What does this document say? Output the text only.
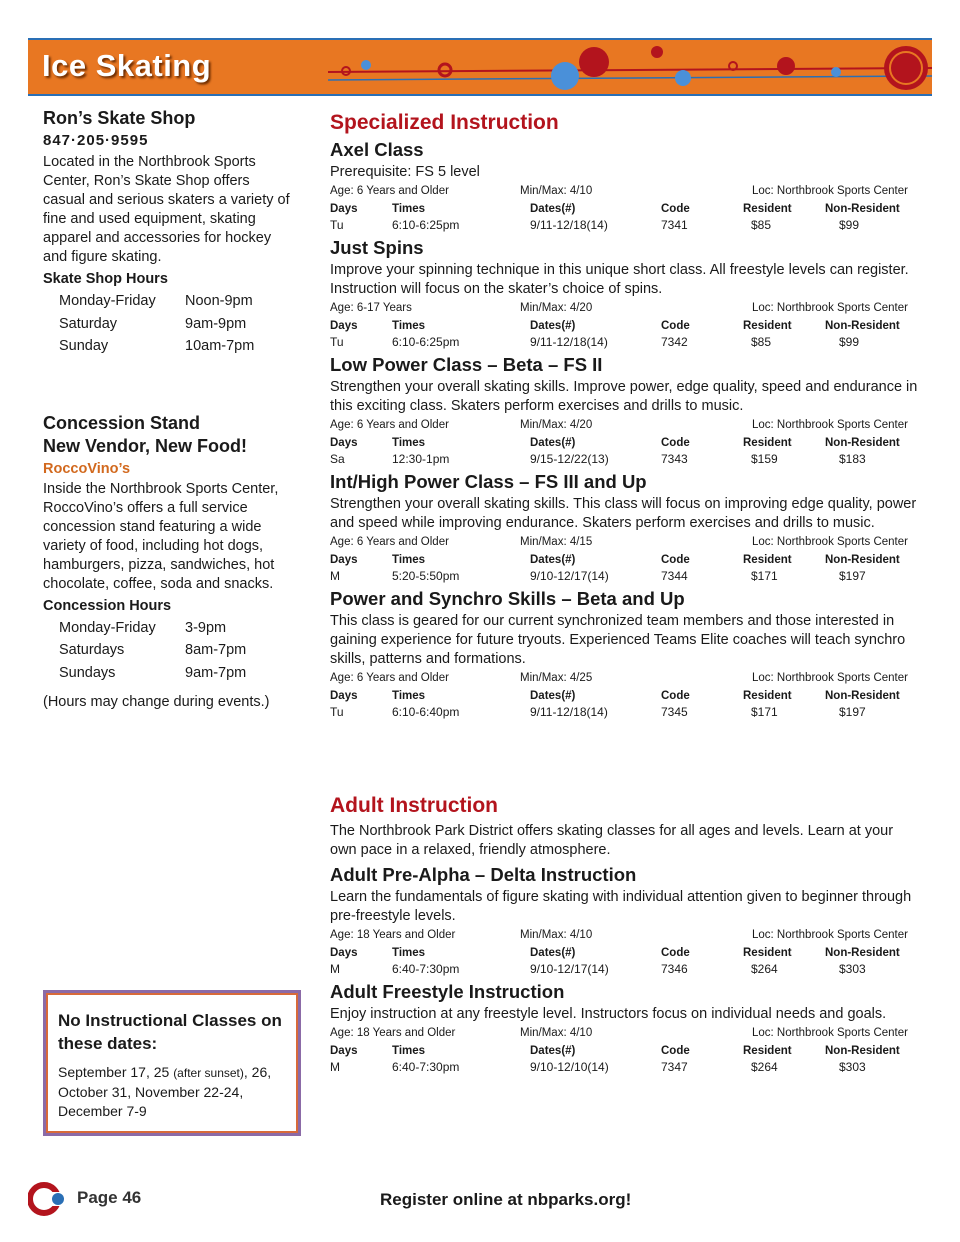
Ice Skating
Ron’s Skate Shop
847·205·9595

Located in the Northbrook Sports Center, Ron’s Skate Shop offers casual and serious skaters a variety of fine and used equipment, skating apparel and accessories for hockey and figure skating.

Skate Shop Hours
Monday-Friday	Noon-9pm
Saturday	9am-9pm
Sunday	10am-7pm
Concession Stand
New Vendor, New Food!
RoccoVino’s

Inside the Northbrook Sports Center, RoccoVino’s offers a full service concession stand featuring a wide variety of food, including hot dogs, hamburgers, pizza, sandwiches, hot chocolate, coffee, soda and snacks.

Concession Hours
Monday-Friday	3-9pm
Saturdays	8am-7pm
Sundays	9am-7pm
(Hours may change during events.)
No Instructional Classes on these dates:

September 17, 25 (after sunset), 26, October 31, November 22-24, December 7-9

Specialized Instruction
Axel Class

Prerequisite: FS 5 level

Age: 6 Years and Older	Min/Max: 4/10	Loc: Northbrook Sports Center
Days	Times	Dates(#)	Code	Resident	Non-Resident
Tu	6:10-6:25pm	9/11-12/18(14)	7341	$85	$99
Just Spins

Improve your spinning technique in this unique short class. All freestyle levels can register. Instruction will focus on the skater’s choice of spins.

Age: 6-17 Years	Min/Max: 4/20	Loc: Northbrook Sports Center
Days	Times	Dates(#)	Code	Resident	Non-Resident
Tu	6:10-6:25pm	9/11-12/18(14)	7342	$85	$99
Low Power Class – Beta – FS II

Strengthen your overall skating skills. Improve power, edge quality, speed and endurance in this exciting class. Skaters perform exercises and drills to music.

Age: 6 Years and Older	Min/Max: 4/20	Loc: Northbrook Sports Center
Days	Times	Dates(#)	Code	Resident	Non-Resident
Sa	12:30-1pm	9/15-12/22(13)	7343	$159	$183
Int/High Power Class – FS III and Up

Strengthen your overall skating skills. This class will focus on improving edge quality, power and speed while improving endurance. Skaters perform exercises and drills to music.

Age: 6 Years and Older	Min/Max: 4/15	Loc: Northbrook Sports Center
Days	Times	Dates(#)	Code	Resident	Non-Resident
M	5:20-5:50pm	9/10-12/17(14)	7344	$171	$197
Power and Synchro Skills – Beta and Up

This class is geared for our current synchronized team members and those interested in gaining experience for future tryouts. Experienced Teams Elite coaches will teach synchro skills, patterns and formations.

Age: 6 Years and Older	Min/Max: 4/25	Loc: Northbrook Sports Center
Days	Times	Dates(#)	Code	Resident	Non-Resident
Tu	6:10-6:40pm	9/11-12/18(14)	7345	$171	$197
Adult Instruction

The Northbrook Park District offers skating classes for all ages and levels. Learn at your own pace in a relaxed, friendly atmosphere.

Adult Pre-Alpha – Delta Instruction

Learn the fundamentals of figure skating with individual attention given to beginner through pre-freestyle levels.

Age: 18 Years and Older	Min/Max: 4/10	Loc: Northbrook Sports Center
Days	Times	Dates(#)	Code	Resident	Non-Resident
M	6:40-7:30pm	9/10-12/17(14)	7346	$264	$303
Adult Freestyle Instruction

Enjoy instruction at any freestyle level. Instructors focus on individual needs and goals.

Age: 18 Years and Older	Min/Max: 4/10	Loc: Northbrook Sports Center
Days	Times	Dates(#)	Code	Resident	Non-Resident
M	6:40-7:30pm	9/10-12/10(14)	7347	$264	$303
Page 46	Register online at nbparks.org!
